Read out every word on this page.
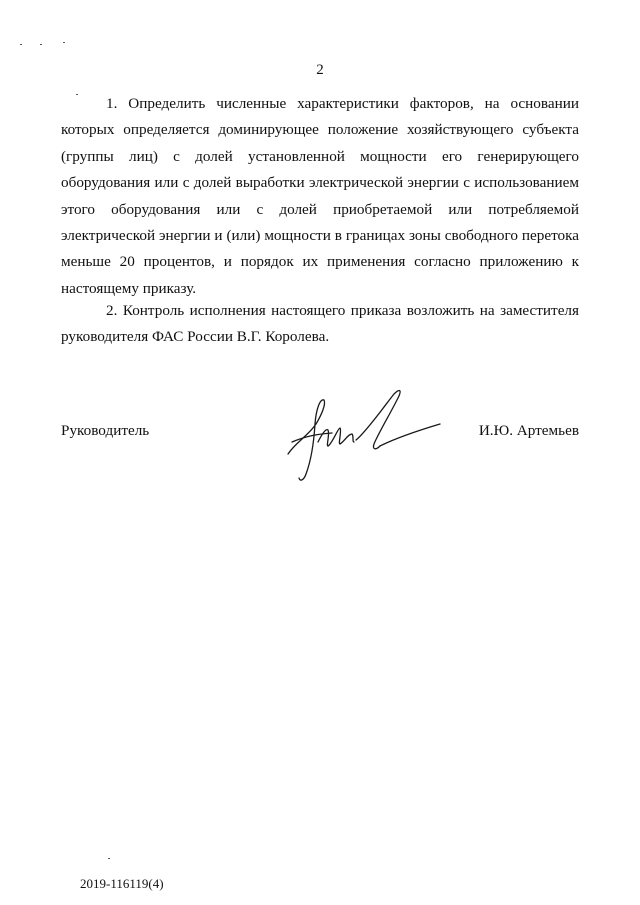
2

1. Определить численные характеристики факторов, на основании которых определяется доминирующее положение хозяйствующего субъекта (группы лиц) с долей установленной мощности его генерирующего оборудования или с долей выработки электрической энергии с использованием этого оборудования или с долей приобретаемой или потребляемой электрической энергии и (или) мощности в границах зоны свободного перетока меньше 20 процентов, и порядок их применения согласно приложению к настоящему приказу.

2. Контроль исполнения настоящего приказа возложить на заместителя руководителя ФАС России В.Г. Королева.

Руководитель	И.Ю. Артемьев
2019-116119(4)
